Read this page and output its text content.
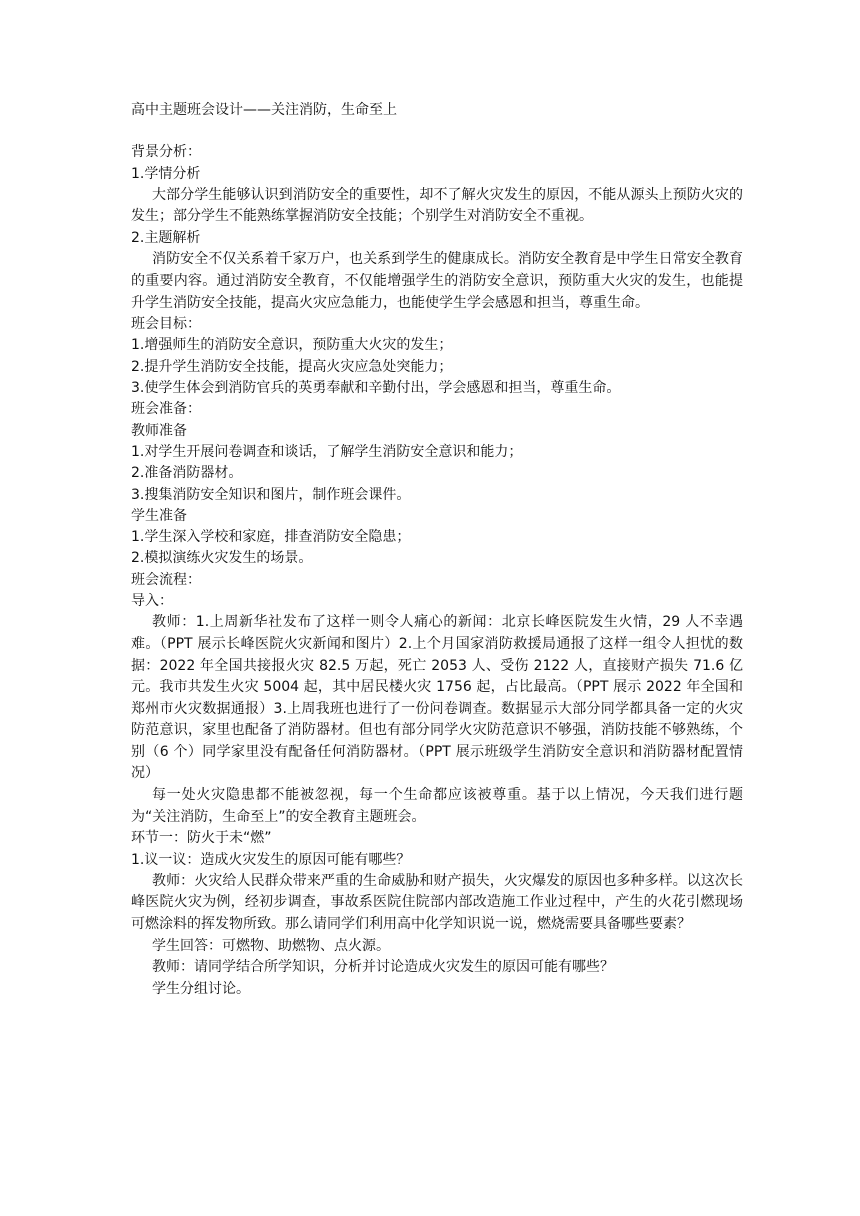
高中主题班会设计——关注消防，生命至上

背景分析：

1.学情分析

大部分学生能够认识到消防安全的重要性，却不了解火灾发生的原因，不能从源头上预防火灾的发生；部分学生不能熟练掌握消防安全技能；个别学生对消防安全不重视。

2.主题解析

消防安全不仅关系着千家万户，也关系到学生的健康成长。消防安全教育是中学生日常安全教育的重要内容。通过消防安全教育，不仅能增强学生的消防安全意识，预防重大火灾的发生，也能提升学生消防安全技能，提高火灾应急能力，也能使学生学会感恩和担当，尊重生命。

班会目标：

1.增强师生的消防安全意识，预防重大火灾的发生；

2.提升学生消防安全技能，提高火灾应急处突能力；

3.使学生体会到消防官兵的英勇奉献和辛勤付出，学会感恩和担当，尊重生命。

班会准备：

教师准备

1.对学生开展问卷调查和谈话，了解学生消防安全意识和能力；

2.准备消防器材。

3.搜集消防安全知识和图片，制作班会课件。

学生准备

1.学生深入学校和家庭，排查消防安全隐患；

2.模拟演练火灾发生的场景。

班会流程：

导入：

教师：1.上周新华社发布了这样一则令人痛心的新闻：北京长峰医院发生火情，29 人不幸遇难。（PPT 展示长峰医院火灾新闻和图片）2.上个月国家消防救援局通报了这样一组令人担忧的数据：2022 年全国共接报火灾 82.5 万起，死亡 2053 人、受伤 2122 人，直接财产损失 71.6 亿元。我市共发生火灾 5004 起，其中居民楼火灾 1756 起，占比最高。（PPT 展示 2022 年全国和郑州市火灾数据通报）3.上周我班也进行了一份问卷调查。数据显示大部分同学都具备一定的火灾防范意识，家里也配备了消防器材。但也有部分同学火灾防范意识不够强，消防技能不够熟练，个别（6 个）同学家里没有配备任何消防器材。（PPT 展示班级学生消防安全意识和消防器材配置情况）

每一处火灾隐患都不能被忽视，每一个生命都应该被尊重。基于以上情况，今天我们进行题为“关注消防，生命至上”的安全教育主题班会。

环节一：防火于未“燃”

1.议一议：造成火灾发生的原因可能有哪些？

教师：火灾给人民群众带来严重的生命威胁和财产损失，火灾爆发的原因也多种多样。以这次长峰医院火灾为例，经初步调查，事故系医院住院部内部改造施工作业过程中，产生的火花引燃现场可燃涂料的挥发物所致。那么请同学们利用高中化学知识说一说，燃烧需要具备哪些要素？

学生回答：可燃物、助燃物、点火源。

教师：请同学结合所学知识，分析并讨论造成火灾发生的原因可能有哪些？

学生分组讨论。
